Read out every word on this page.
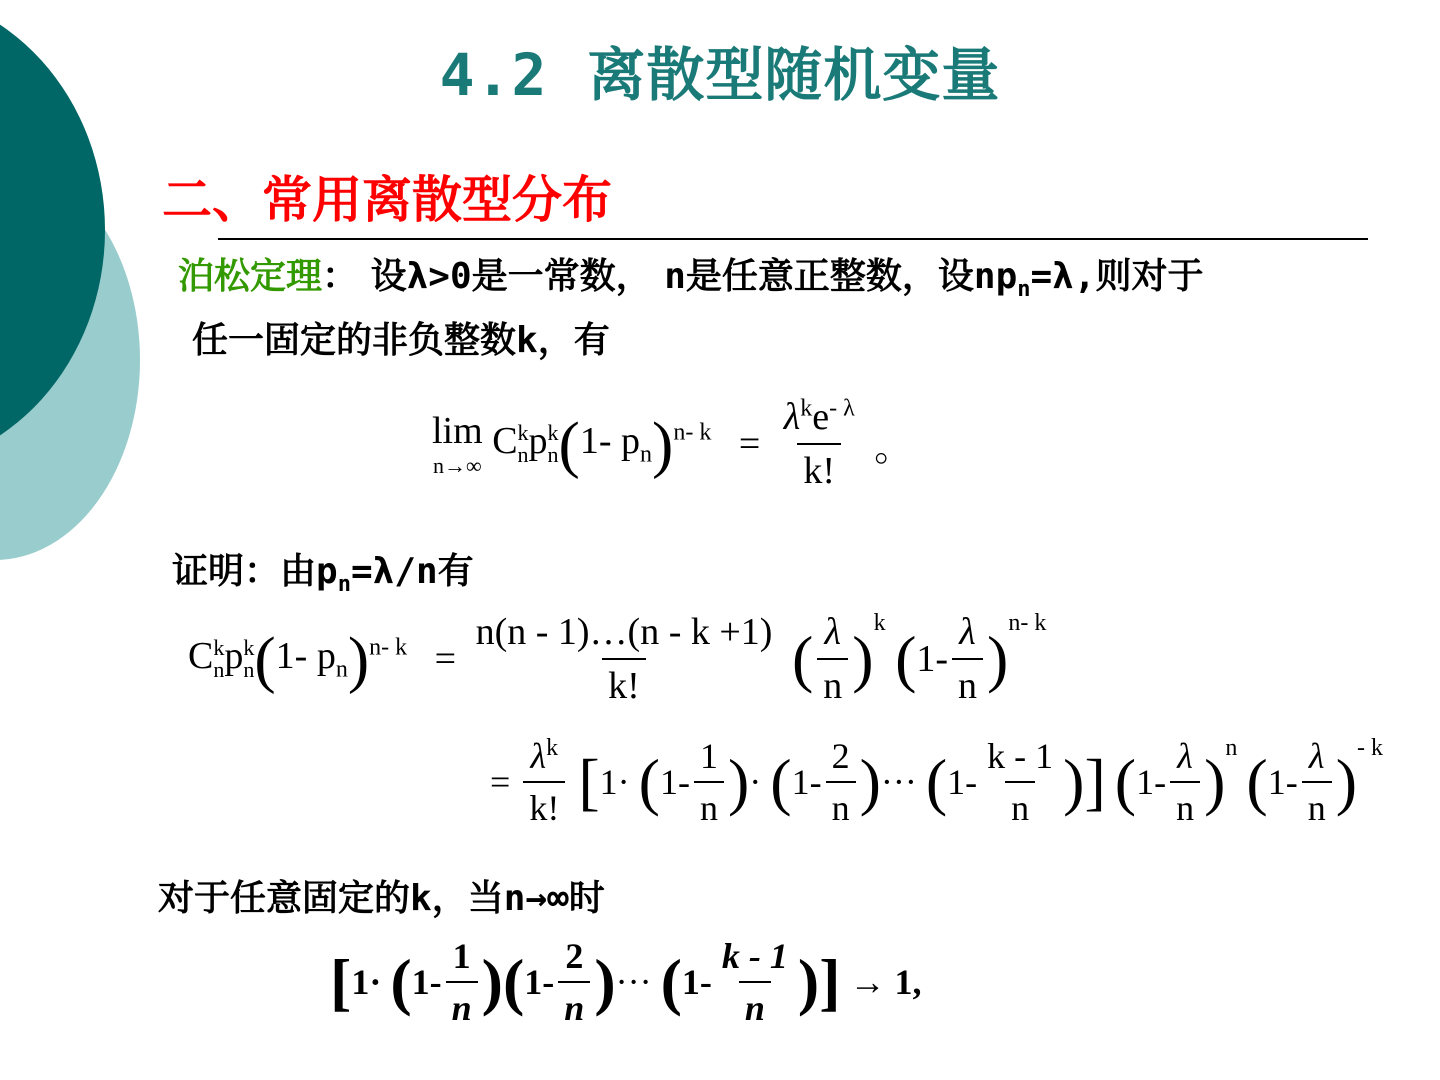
4.2 离散型随机变量
二、常用离散型分布
泊松定理： 设λ>0是一常数， n是任意正整数，设$np_n=\lambda$,则对于
任一固定的非负整数k，有
lim
n→∞
C k
n p k
n (1- $p_n)^{n- k} = \frac{\lambda^ke^{- \lambda}}{k!}$ 。
证明：由$p_n=\lambda/n$有
C k
n p k
n (1- $p_n)^{n- k} = \frac{n(n - 1)\dots(n - k +1)}{k!}$ ( $\frac{\lambda}{n} )^k$ $(1- \frac{\lambda}{n} )^{n-}$ $^k$
= $\frac{\lambda^k}{k!} [1\cdot (1- \frac{1}{n}$ )· ($1- \frac{2}{n}$ )··· ($1- \frac{k - 1}{n}$ )] $(1- \frac{\lambda}{n} )^n$ $(1- \frac{\lambda}{n} )^{- k}$
对于任意固定的k，当n→∞时
[$1\cdot (1- \frac{1}{n} )(1- \frac{2}{n}$ )··· ($1- \frac{k - 1}{n}$ )] → 1,
